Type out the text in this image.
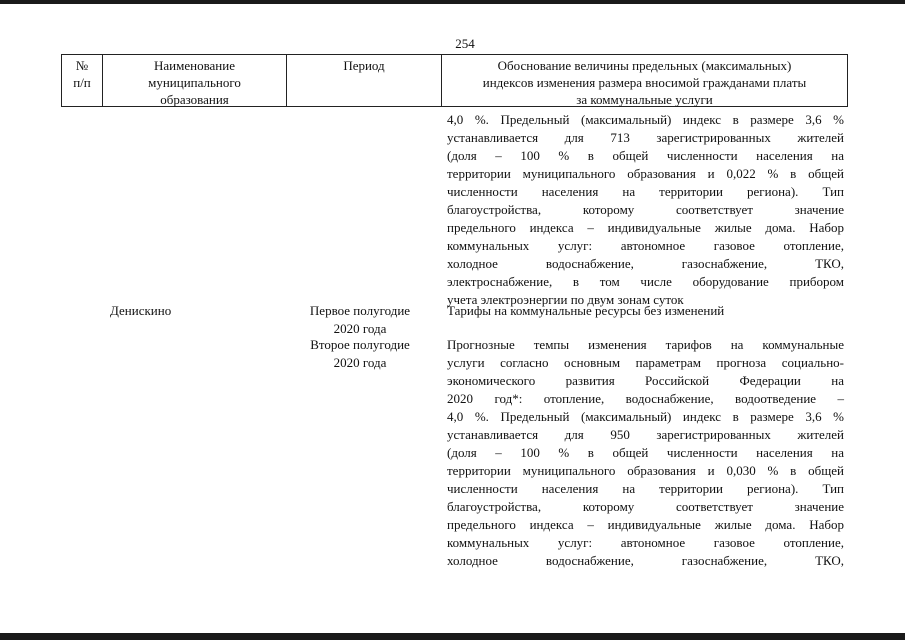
254
№
п/п
Наименование
муниципального
образования
Период	Обоснование величины предельных (максимальных)
индексов изменения размера вносимой гражданами платы
за коммунальные услуги
4,0 %. Предельный (максимальный) индекс в размере 3,6 %
устанавливается для 713 зарегистрированных жителей
(доля – 100 % в общей численности населения на
территории муниципального образования и 0,022 % в общей
численности населения на территории региона). Тип
благоустройства, которому соответствует значение
предельного индекса – индивидуальные жилые дома. Набор
коммунальных услуг: автономное газовое отопление,
холодное водоснабжение, газоснабжение, ТКО,
электроснабжение, в том числе оборудование прибором
учета электроэнергии по двум зонам суток
Денискино	Первое полугодие
2020 года
Тарифы на коммунальные ресурсы без изменений
Второе полугодие
2020 года
Прогнозные темпы изменения тарифов на коммунальные
услуги согласно основным параметрам прогноза социально-
экономического развития Российской Федерации на
2020 год*: отопление, водоснабжение, водоотведение –
4,0 %. Предельный (максимальный) индекс в размере 3,6 %
устанавливается для 950 зарегистрированных жителей
(доля – 100 % в общей численности населения на
территории муниципального образования и 0,030 % в общей
численности населения на территории региона). Тип
благоустройства, которому соответствует значение
предельного индекса – индивидуальные жилые дома. Набор
коммунальных услуг: автономное газовое отопление,
холодное водоснабжение, газоснабжение, ТКО,
